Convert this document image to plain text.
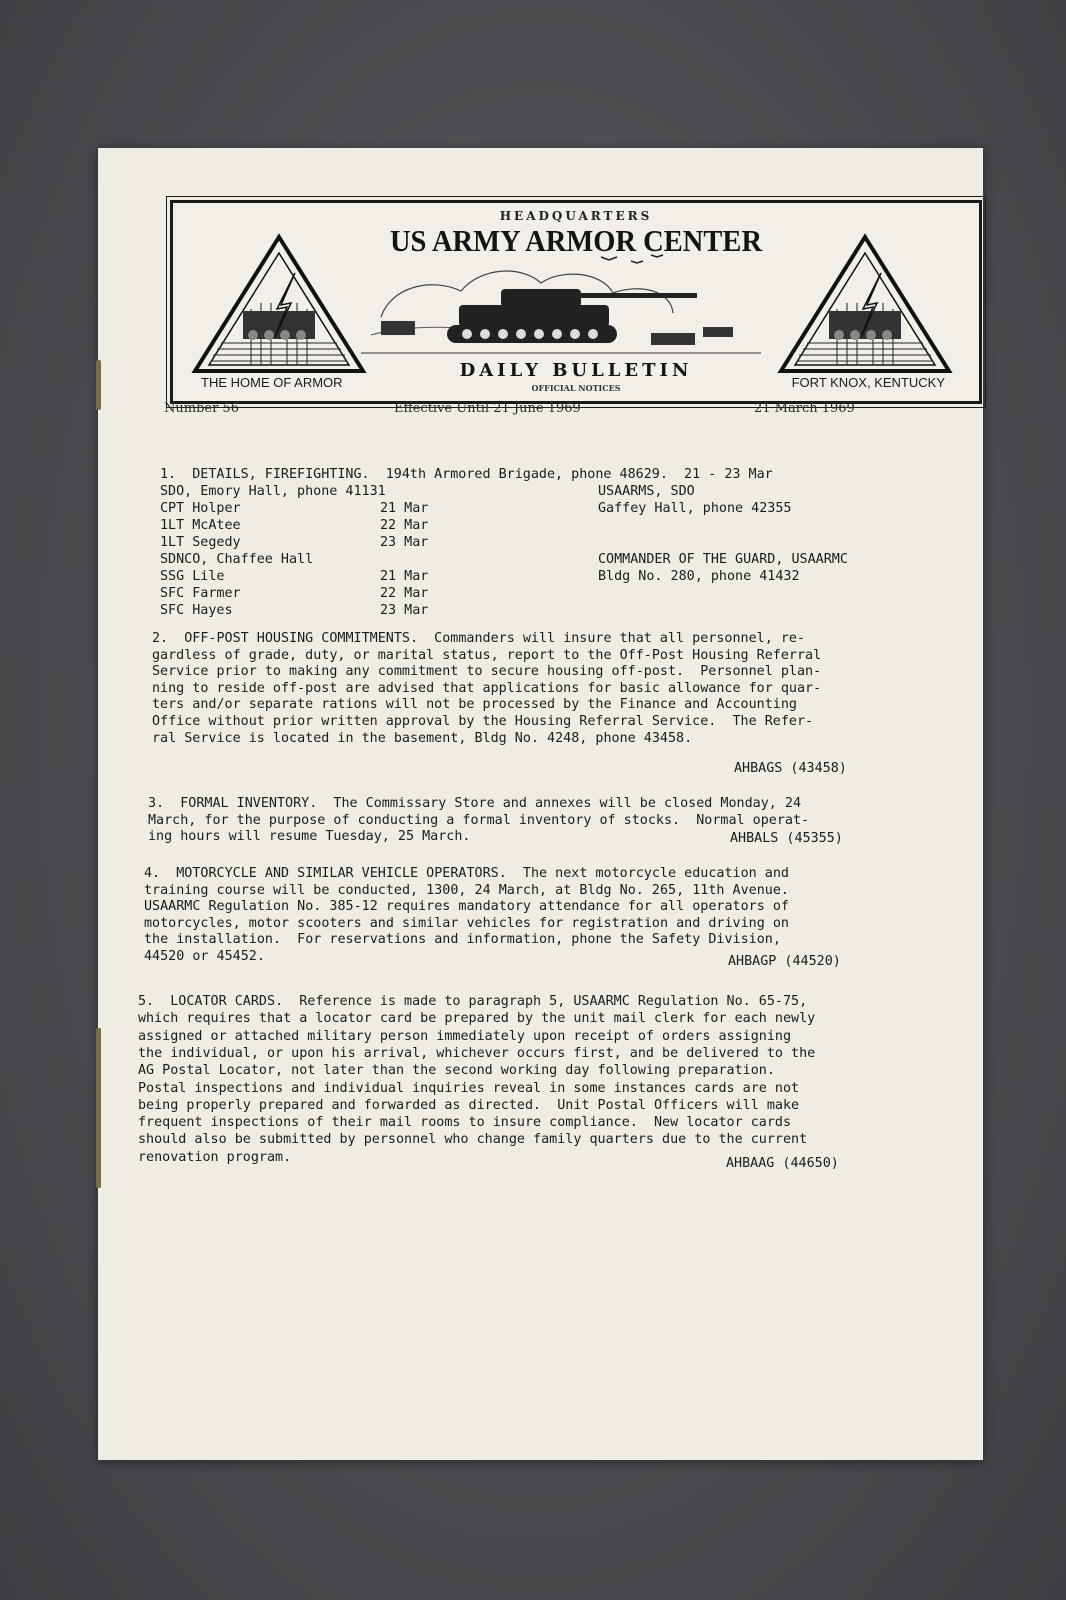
HEADQUARTERS
US ARMY ARMOR CENTER
DAILY BULLETIN
OFFICIAL NOTICES
THE HOME OF ARMOR	FORT KNOX, KENTUCKY
Number 56	Effective Until 21 June 1969	21 March 1969
1.  DETAILS, FIREFIGHTING.  194th Armored Brigade, phone 48629.  21 - 23 Mar
SDO, Emory Hall, phone 41131
CPT Holper	21 Mar
1LT McAtee	22 Mar
1LT Segedy	23 Mar
SDNCO, Chaffee Hall
SSG Lile	21 Mar
SFC Farmer	22 Mar
SFC Hayes	23 Mar
USAARMS, SDO
Gaffey Hall, phone 42355
COMMANDER OF THE GUARD, USAARMC
Bldg No. 280, phone 41432
2.  OFF-POST HOUSING COMMITMENTS.  Commanders will insure that all personnel, re-
gardless of grade, duty, or marital status, report to the Off-Post Housing Referral
Service prior to making any commitment to secure housing off-post.  Personnel plan-
ning to reside off-post are advised that applications for basic allowance for quar-
ters and/or separate rations will not be processed by the Finance and Accounting
Office without prior written approval by the Housing Referral Service.  The Refer-
ral Service is located in the basement, Bldg No. 4248, phone 43458.
AHBAGS (43458)
3.  FORMAL INVENTORY.  The Commissary Store and annexes will be closed Monday, 24
March, for the purpose of conducting a formal inventory of stocks.  Normal operat-
ing hours will resume Tuesday, 25 March.	AHBALS (45355)
4.  MOTORCYCLE AND SIMILAR VEHICLE OPERATORS.  The next motorcycle education and
training course will be conducted, 1300, 24 March, at Bldg No. 265, 11th Avenue.
USAARMC Regulation No. 385-12 requires mandatory attendance for all operators of
motorcycles, motor scooters and similar vehicles for registration and driving on
the installation.  For reservations and information, phone the Safety Division,
44520 or 45452.	AHBAGP (44520)
5.  LOCATOR CARDS.  Reference is made to paragraph 5, USAARMC Regulation No. 65-75,
which requires that a locator card be prepared by the unit mail clerk for each newly
assigned or attached military person immediately upon receipt of orders assigning
the individual, or upon his arrival, whichever occurs first, and be delivered to the
AG Postal Locator, not later than the second working day following preparation.
Postal inspections and individual inquiries reveal in some instances cards are not
being properly prepared and forwarded as directed.  Unit Postal Officers will make
frequent inspections of their mail rooms to insure compliance.  New locator cards
should also be submitted by personnel who change family quarters due to the current
renovation program.	AHBAAG (44650)
